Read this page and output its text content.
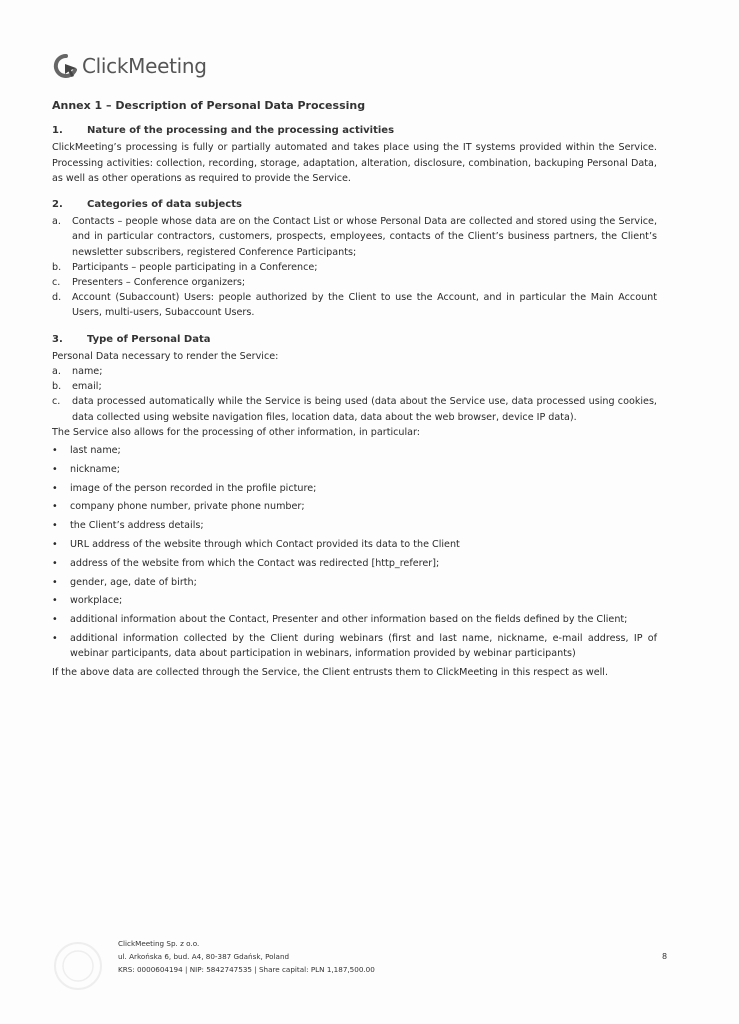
ClickMeeting
Annex 1 – Description of Personal Data Processing
1.	Nature of the processing and the processing activities

ClickMeeting’s processing is fully or partially automated and takes place using the IT systems provided within the Service. Processing activities: collection, recording, storage, adaptation, alteration, disclosure, combination, backuping Personal Data, as well as other operations as required to provide the Service.

2.	Categories of data subjects
a.	Contacts – people whose data are on the Contact List or whose Personal Data are collected and stored using the Service, and in particular contractors, customers, prospects, employees, contacts of the Client’s business partners, the Client’s newsletter subscribers, registered Conference Participants;
b.	Participants – people participating in a Conference;
c.	Presenters – Conference organizers;
d.	Account (Subaccount) Users: people authorized by the Client to use the Account, and in particular the Main Account Users, multi-users, Subaccount Users.
3.	Type of Personal Data

Personal Data necessary to render the Service:

a.	name;
b.	email;
c.	data processed automatically while the Service is being used (data about the Service use, data processed using cookies, data collected using website navigation files, location data, data about the web browser, device IP data).

The Service also allows for the processing of other information, in particular:

•	last name;
•	nickname;
•	image of the person recorded in the profile picture;
•	company phone number, private phone number;
•	the Client’s address details;
•	URL address of the website through which Contact provided its data to the Client
•	address of the website from which the Contact was redirected [http_referer];
•	gender, age, date of birth;
•	workplace;
•	additional information about the Contact, Presenter and other information based on the fields defined by the Client;
•	additional information collected by the Client during webinars (first and last name, nickname, e-mail address, IP of webinar participants, data about participation in webinars, information provided by webinar participants)

If the above data are collected through the Service, the Client entrusts them to ClickMeeting in this respect as well.

ClickMeeting Sp. z o.o.
ul. Arkońska 6, bud. A4, 80-387 Gdańsk, Poland
KRS: 0000604194 | NIP: 5842747535 | Share capital: PLN 1,187,500.00
8
